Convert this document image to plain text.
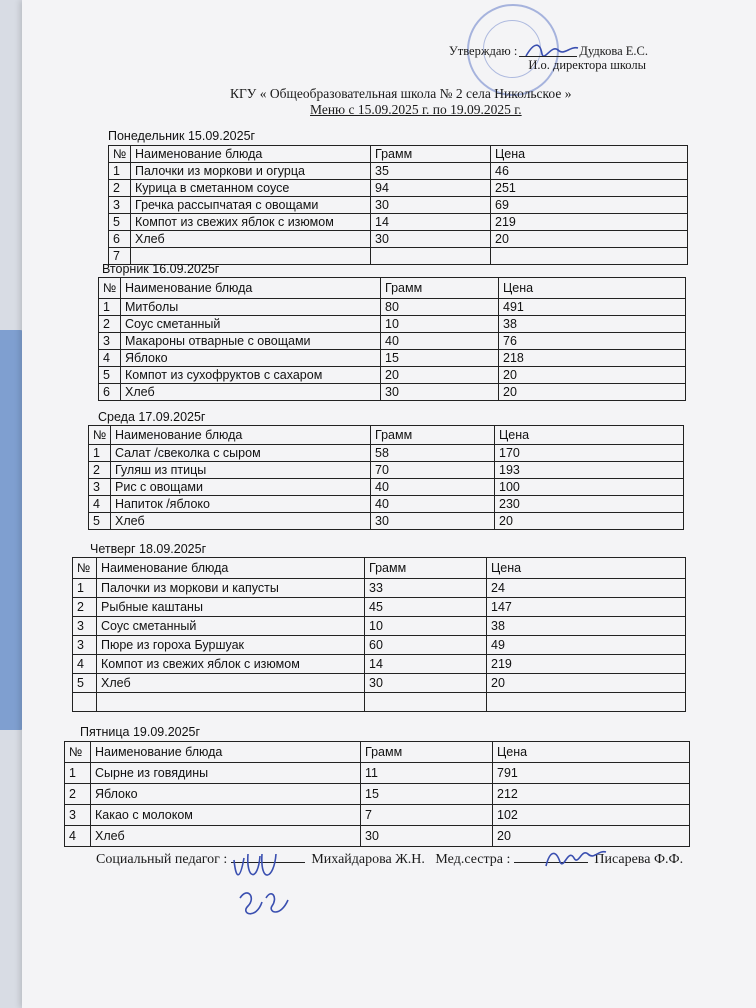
Утверждаю :	Дудкова Е.С.
И.о. директора школы
КГУ « Общеобразовательная школа № 2 села Никольское »
Меню с 15.09.2025 г. по 19.09.2025 г.
Понедельник 15.09.2025г
№	Наименование блюда	Грамм	Цена
1	Палочки из моркови и огурца	35	46
2	Курица в сметанном соусе	94	251
3	Гречка рассыпчатая с овощами	30	69
5	Компот из свежих яблок с изюмом	14	219
6	Хлеб	30	20
7			
Вторник 16.09.2025г
№	Наименование блюда	Грамм	Цена
1	Митболы	80	491
2	Соус сметанный	10	38
3	Макароны отварные с овощами	40	76
4	Яблоко	15	218
5	Компот из сухофруктов с сахаром	20	20
6	Хлеб	30	20
Среда 17.09.2025г
№	Наименование блюда	Грамм	Цена
1	Салат /свеколка с сыром	58	170
2	Гуляш из птицы	70	193
3	Рис с овощами	40	100
4	Напиток /яблоко	40	230
5	Хлеб	30	20
Четверг 18.09.2025г
№	Наименование блюда	Грамм	Цена
1	Палочки из моркови и капусты	33	24
2	Рыбные каштаны	45	147
3	Соус сметанный	10	38
3	Пюре из гороха Буршуак	60	49
4	Компот из свежих яблок с изюмом	14	219
5	Хлеб	30	20

Пятница 19.09.2025г
№	Наименование блюда	Грамм	Цена
1	Сырне из говядины	11	791
2	Яблоко	15	212
3	Какао с молоком	7	102
4	Хлеб	30	20
Социальный педагог :	Михайдарова Ж.Н. Мед.сестра :	Писарева Ф.Ф.
